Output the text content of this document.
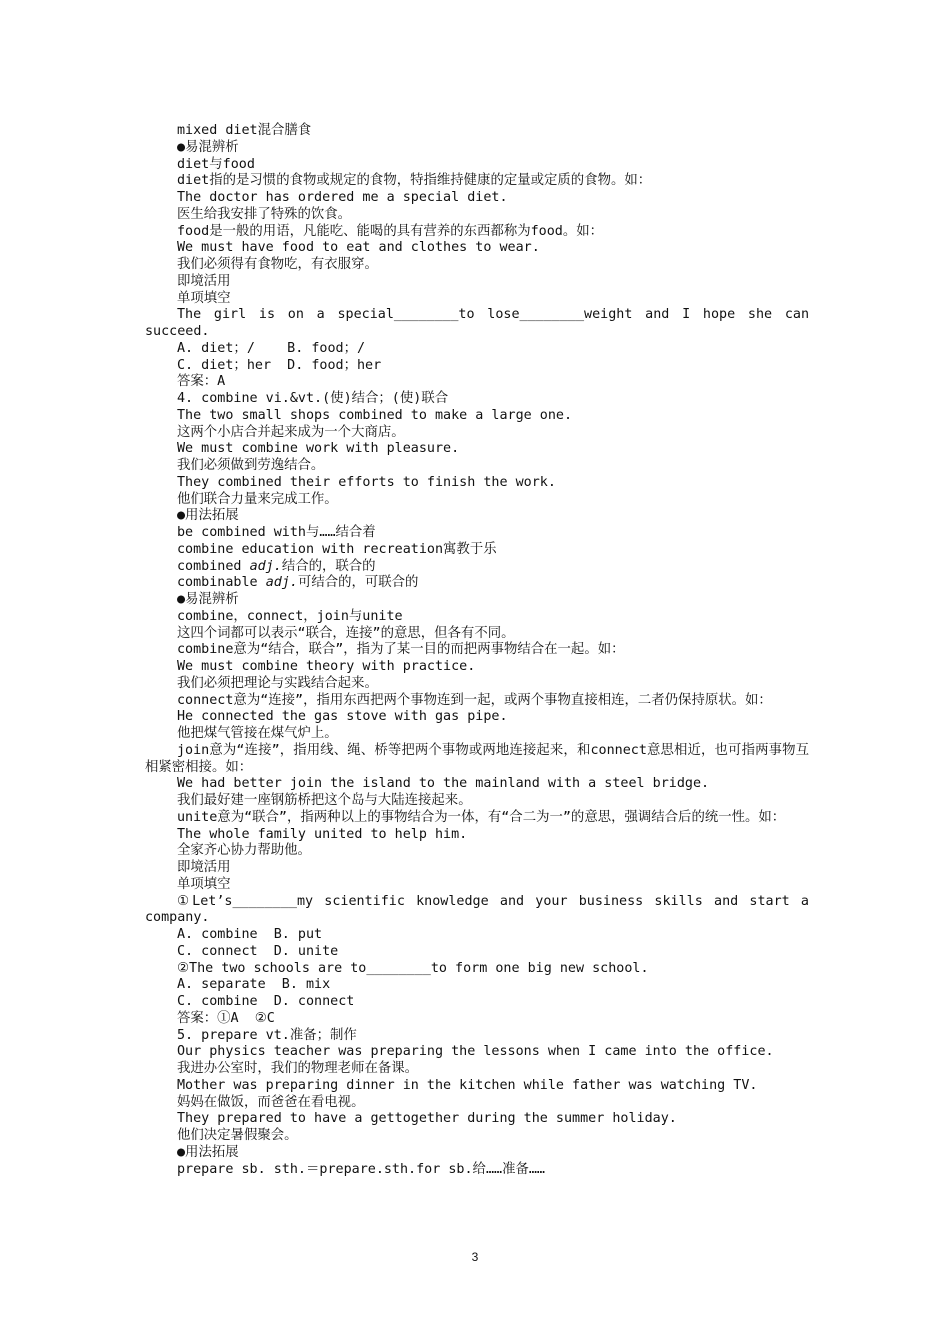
mixed diet混合膳食
●易混辨析
diet与food
diet指的是习惯的食物或规定的食物，特指维持健康的定量或定质的食物。如：
The doctor has ordered me a special diet.
医生给我安排了特殊的饮食。
food是一般的用语，凡能吃、能喝的具有营养的东西都称为food。如：
We must have food to eat and clothes to wear.
我们必须得有食物吃，有衣服穿。
即境活用
单项填空
The girl is on a special________to lose________weight and I hope she can succeed.
A. diet；/    B. food；/
C. diet；her  D. food；her
答案：A
4. combine vi.&vt.(使)结合；(使)联合
The two small shops combined to make a large one.
这两个小店合并起来成为一个大商店。
We must combine work with pleasure.
我们必须做到劳逸结合。
They combined their efforts to finish the work.
他们联合力量来完成工作。
●用法拓展
be combined with与……结合着
combine education with recreation寓教于乐
combined adj.结合的，联合的
combinable adj.可结合的，可联合的
●易混辨析
combine，connect，join与unite
这四个词都可以表示“联合，连接”的意思，但各有不同。
combine意为“结合，联合”，指为了某一目的而把两事物结合在一起。如：
We must combine theory with practice.
我们必须把理论与实践结合起来。
connect意为“连接”，指用东西把两个事物连到一起，或两个事物直接相连，二者仍保持原状。如：
He connected the gas stove with gas pipe.
他把煤气管接在煤气炉上。
join意为“连接”，指用线、绳、桥等把两个事物或两地连接起来，和connect意思相近，也可指两事物互相紧密相接。如：
We had better join the island to the mainland with a steel bridge.
我们最好建一座钢筋桥把这个岛与大陆连接起来。
unite意为“联合”，指两种以上的事物结合为一体，有“合二为一”的意思，强调结合后的统一性。如：
The whole family united to help him.
全家齐心协力帮助他。
即境活用
单项填空
①Let’s________my scientific knowledge and your business skills and start a company.
A. combine  B. put
C. connect  D. unite
②The two schools are to________to form one big new school.
A. separate  B. mix
C. combine  D. connect
答案：①A  ②C
5. prepare vt.准备；制作
Our physics teacher was preparing the lessons when I came into the office.
我进办公室时，我们的物理老师在备课。
Mother was preparing dinner in the kitchen while father was watching TV.
妈妈在做饭，而爸爸在看电视。
They prepared to have a gettogether during the summer holiday.
他们决定暑假聚会。
●用法拓展
prepare sb. sth.＝prepare.sth.for sb.给……准备……
3
